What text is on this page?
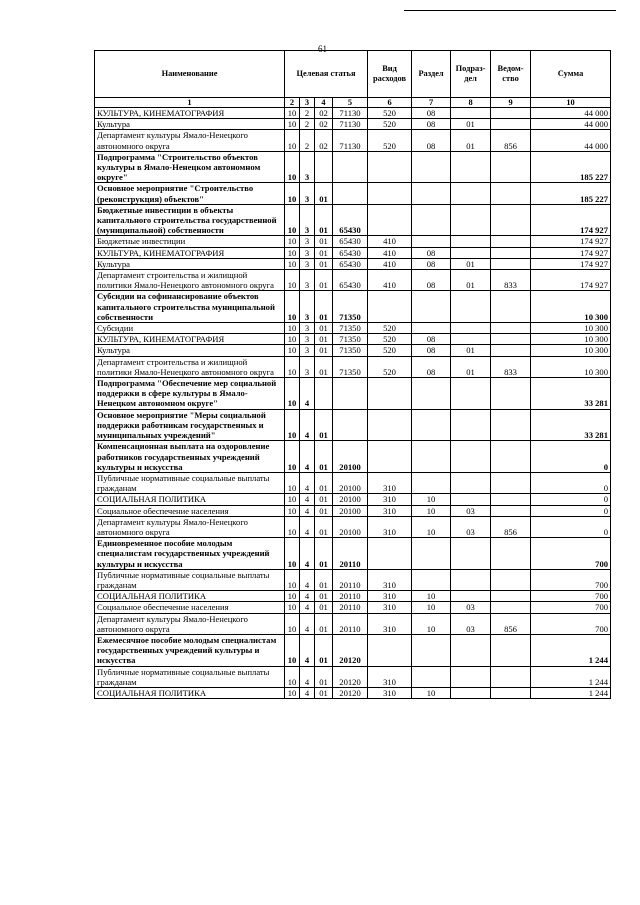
61
Наименование	Целевая статья				Вид расходов	Раздел	Подраз-дел	Ведом-ство	Сумма
1	2	3	4	5	6	7	8	9	10
КУЛЬТУРА, КИНЕМАТОГРАФИЯ	10	2	02	71130	520	08			44 000
Культура	10	2	02	71130	520	08	01		44 000
Департамент культуры Ямало-Ненецкого автономного округа	10	2	02	71130	520	08	01	856	44 000
Подпрограмма "Строительство объектов культуры в Ямало-Ненецком автономном округе"	10	3							185 227
Основное мероприятие "Строительство (реконструкция) объектов"	10	3	01						185 227
Бюджетные инвестиции в объекты капитального строительства государственной (муниципальной) собственности	10	3	01	65430					174 927
Бюджетные инвестиции	10	3	01	65430	410				174 927
КУЛЬТУРА, КИНЕМАТОГРАФИЯ	10	3	01	65430	410	08			174 927
Культура	10	3	01	65430	410	08	01		174 927
Департамент строительства и жилищной политики Ямало-Ненецкого автономного округа	10	3	01	65430	410	08	01	833	174 927
Субсидии на софинансирование объектов капитального строительства муниципальной собственности	10	3	01	71350					10 300
Субсидии	10	3	01	71350	520				10 300
КУЛЬТУРА, КИНЕМАТОГРАФИЯ	10	3	01	71350	520	08			10 300
Культура	10	3	01	71350	520	08	01		10 300
Департамент строительства и жилищной политики Ямало-Ненецкого автономного округа	10	3	01	71350	520	08	01	833	10 300
Подпрограмма "Обеспечение мер социальной поддержки в сфере культуры в Ямало-Ненецком автономном округе"	10	4							33 281
Основное мероприятие "Меры социальной поддержки работникам государственных и муниципальных учреждений"	10	4	01						33 281
Компенсационная выплата на оздоровление работников государственных учреждений культуры и искусства	10	4	01	20100					0
Публичные нормативные социальные выплаты гражданам	10	4	01	20100	310				0
СОЦИАЛЬНАЯ ПОЛИТИКА	10	4	01	20100	310	10			0
Социальное обеспечение населения	10	4	01	20100	310	10	03		0
Департамент культуры Ямало-Ненецкого автономного округа	10	4	01	20100	310	10	03	856	0
Единовременное пособие молодым специалистам государственных учреждений культуры и искусства	10	4	01	20110					700
Публичные нормативные социальные выплаты гражданам	10	4	01	20110	310				700
СОЦИАЛЬНАЯ ПОЛИТИКА	10	4	01	20110	310	10			700
Социальное обеспечение населения	10	4	01	20110	310	10	03		700
Департамент культуры Ямало-Ненецкого автономного округа	10	4	01	20110	310	10	03	856	700
Ежемесячное пособие молодым специалистам государственных учреждений культуры и искусства	10	4	01	20120					1 244
Публичные нормативные социальные выплаты гражданам	10	4	01	20120	310				1 244
СОЦИАЛЬНАЯ ПОЛИТИКА	10	4	01	20120	310	10			1 244
